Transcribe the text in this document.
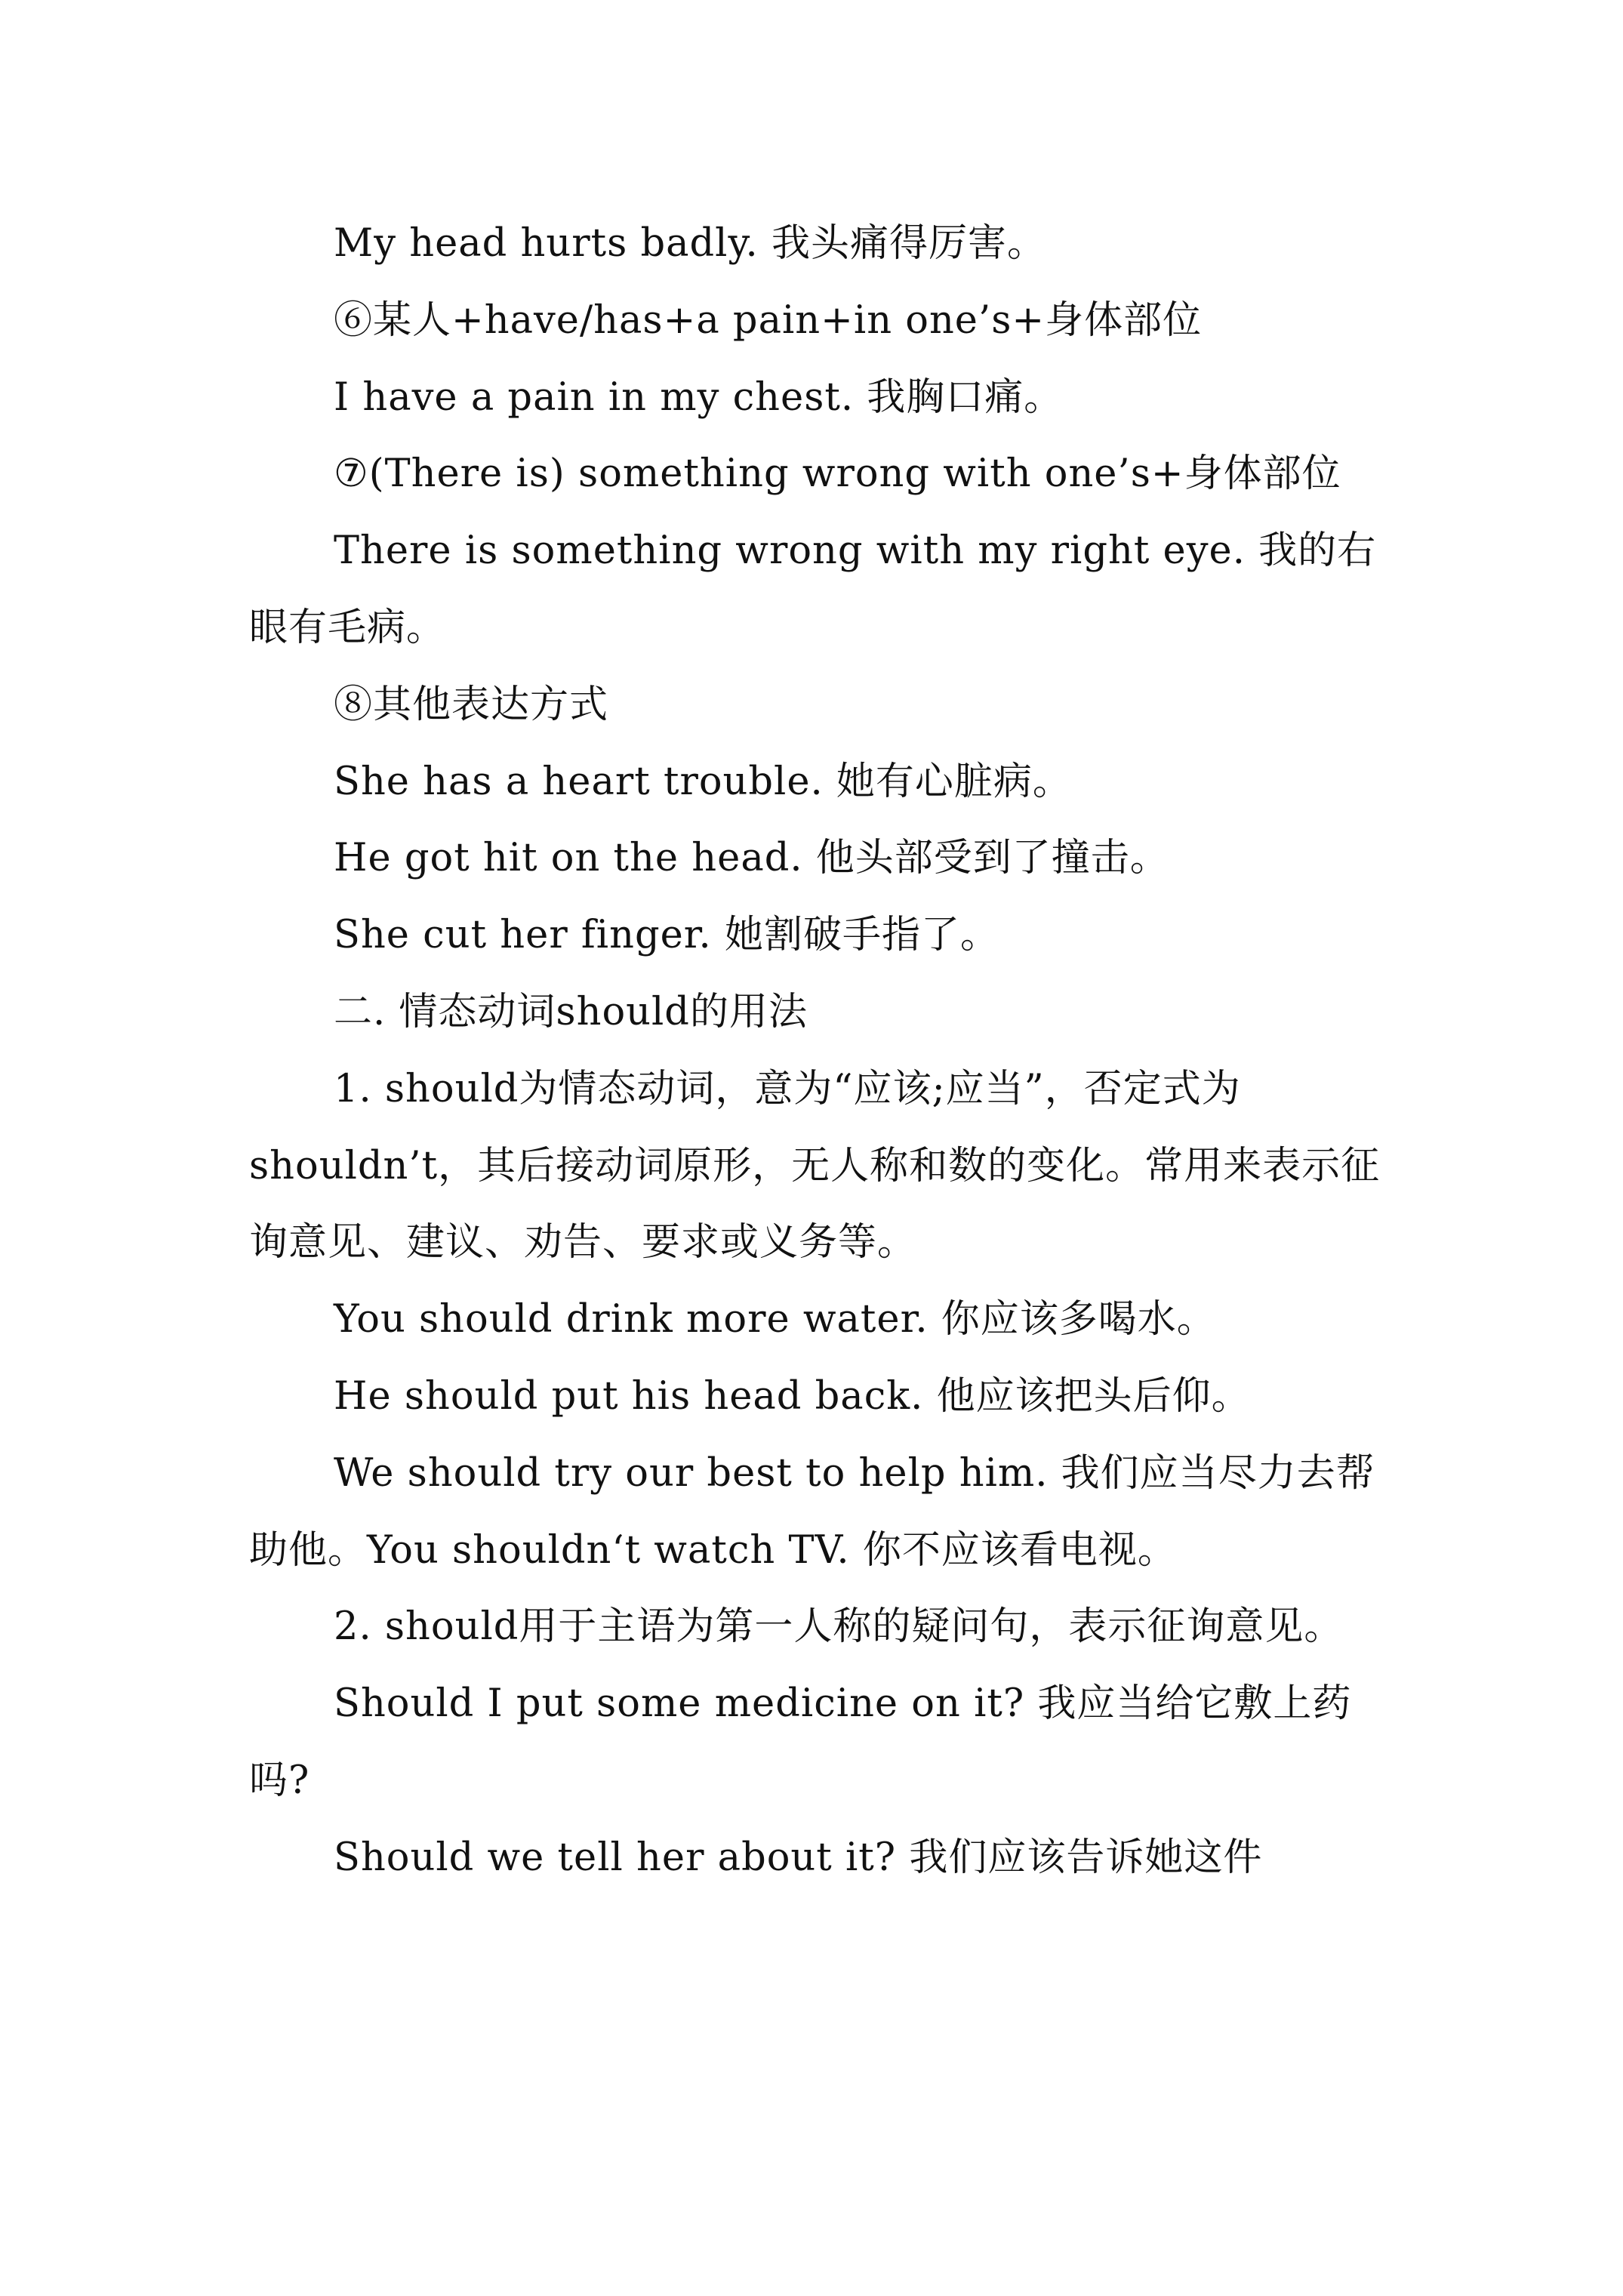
My head hurts badly. 我头痛得厉害。

⑥某人+have/has+a pain+in one’s+身体部位

I have a pain in my chest. 我胸口痛。

⑦(There is) something wrong with one’s+身体部位

There is something wrong with my right eye. 我的右眼有毛病。

⑧其他表达方式

She has a heart trouble. 她有心脏病。

He got hit on the head. 他头部受到了撞击。

She cut her finger. 她割破手指了。

二. 情态动词should的用法

1. should为情态动词，意为“应该;应当”，否定式为shouldn’t，其后接动词原形，无人称和数的变化。常用来表示征询意见、建议、劝告、要求或义务等。

You should drink more water. 你应该多喝水。

He should put his head back. 他应该把头后仰。

We should try our best to help him. 我们应当尽力去帮助他。You shouldn‘t watch TV. 你不应该看电视。

2. should用于主语为第一人称的疑问句，表示征询意见。

Should I put some medicine on it? 我应当给它敷上药吗?

Should we tell her about it? 我们应该告诉她这件
